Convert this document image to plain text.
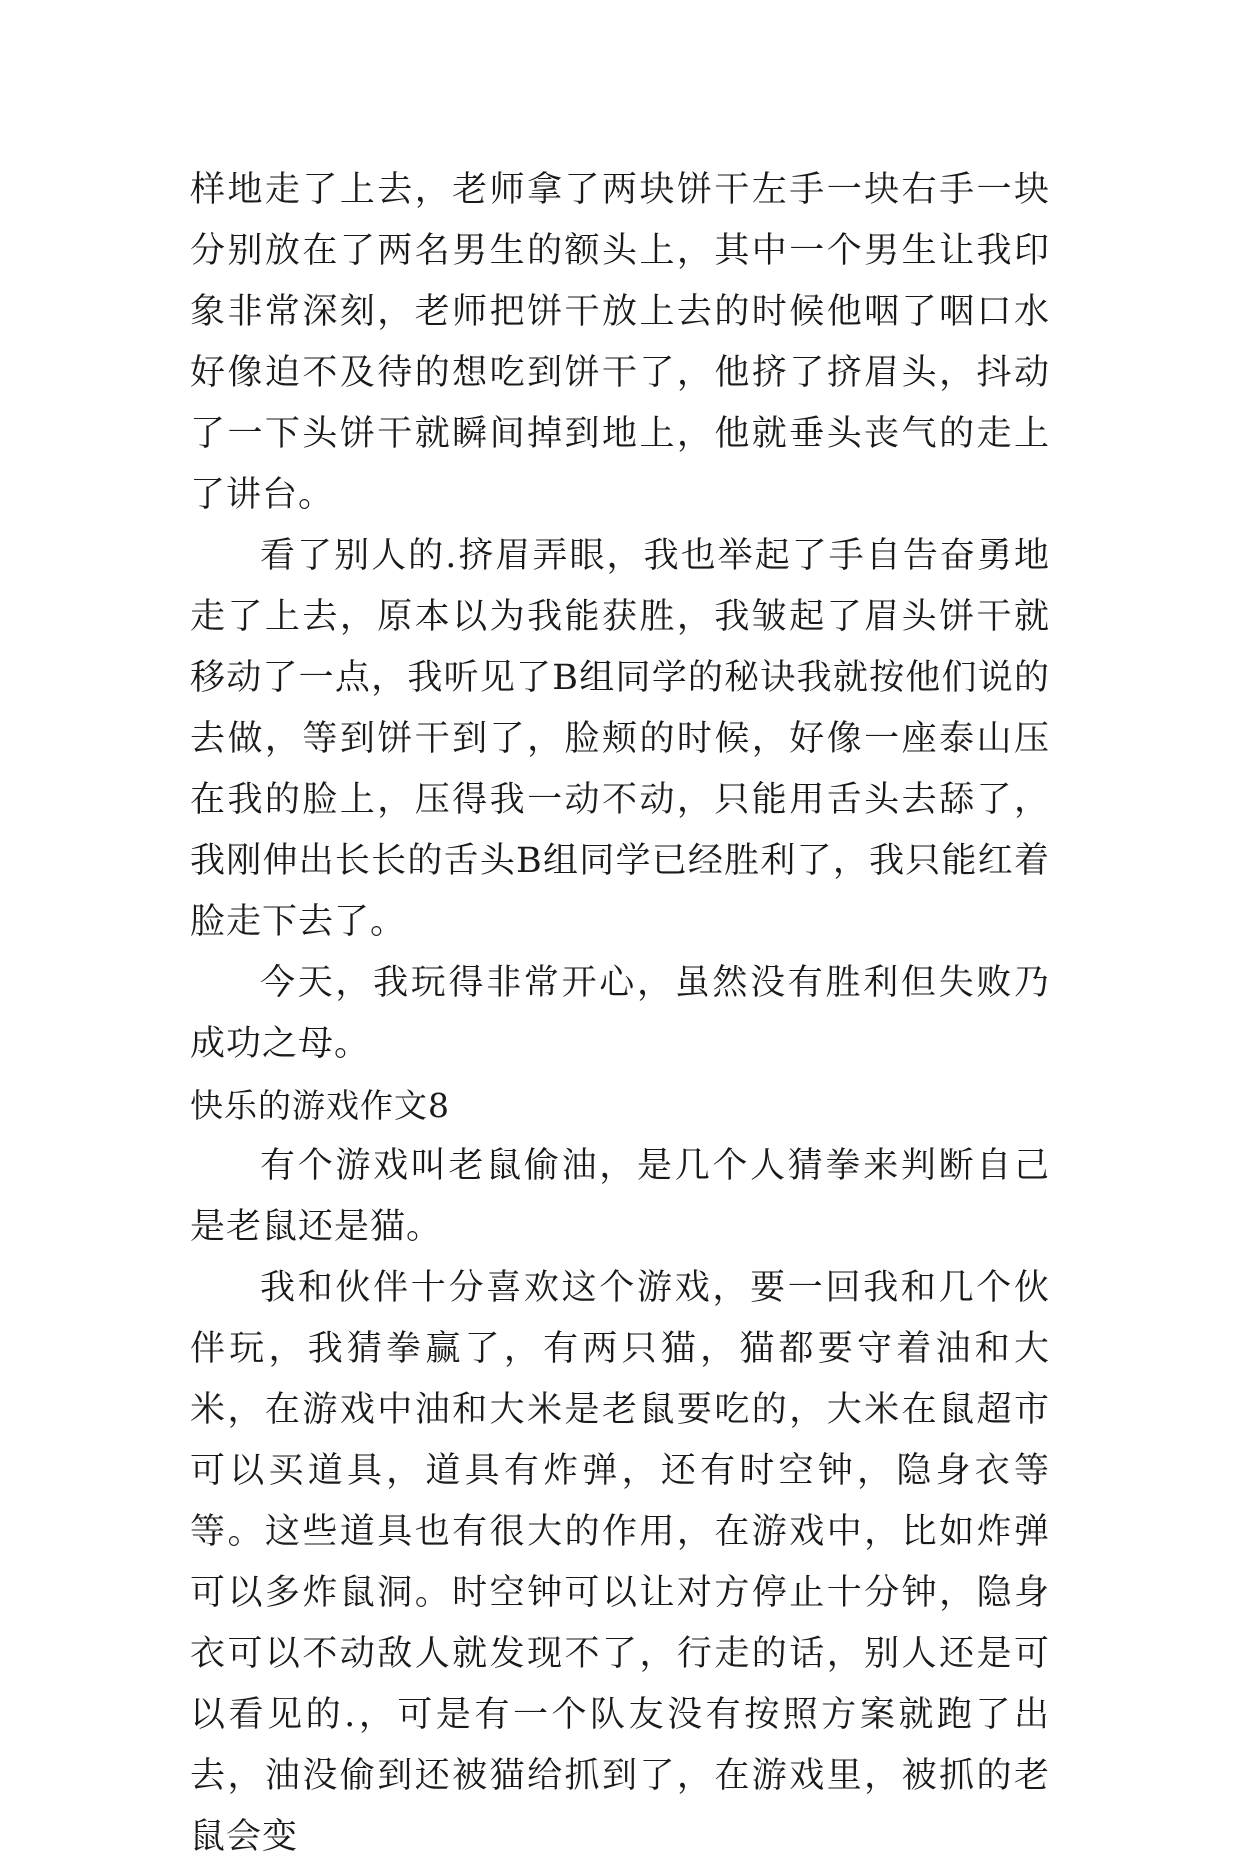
样地走了上去，老师拿了两块饼干左手一块右手一块分别放在了两名男生的额头上，其中一个男生让我印象非常深刻，老师把饼干放上去的时候他咽了咽口水好像迫不及待的想吃到饼干了，他挤了挤眉头，抖动了一下头饼干就瞬间掉到地上，他就垂头丧气的走上了讲台。

看了别人的.挤眉弄眼，我也举起了手自告奋勇地走了上去，原本以为我能获胜，我皱起了眉头饼干就移动了一点，我听见了B组同学的秘诀我就按他们说的去做，等到饼干到了，脸颊的时候，好像一座泰山压在我的脸上，压得我一动不动，只能用舌头去舔了，我刚伸出长长的舌头B组同学已经胜利了，我只能红着脸走下去了。

今天，我玩得非常开心，虽然没有胜利但失败乃成功之母。

快乐的游戏作文8

有个游戏叫老鼠偷油，是几个人猜拳来判断自己是老鼠还是猫。

我和伙伴十分喜欢这个游戏，要一回我和几个伙伴玩，我猜拳赢了，有两只猫，猫都要守着油和大米，在游戏中油和大米是老鼠要吃的，大米在鼠超市可以买道具，道具有炸弹，还有时空钟，隐身衣等等。这些道具也有很大的作用，在游戏中，比如炸弹可以多炸鼠洞。时空钟可以让对方停止十分钟，隐身衣可以不动敌人就发现不了，行走的话，别人还是可以看见的.，可是有一个队友没有按照方案就跑了出去，油没偷到还被猫给抓到了，在游戏里，被抓的老鼠会变
